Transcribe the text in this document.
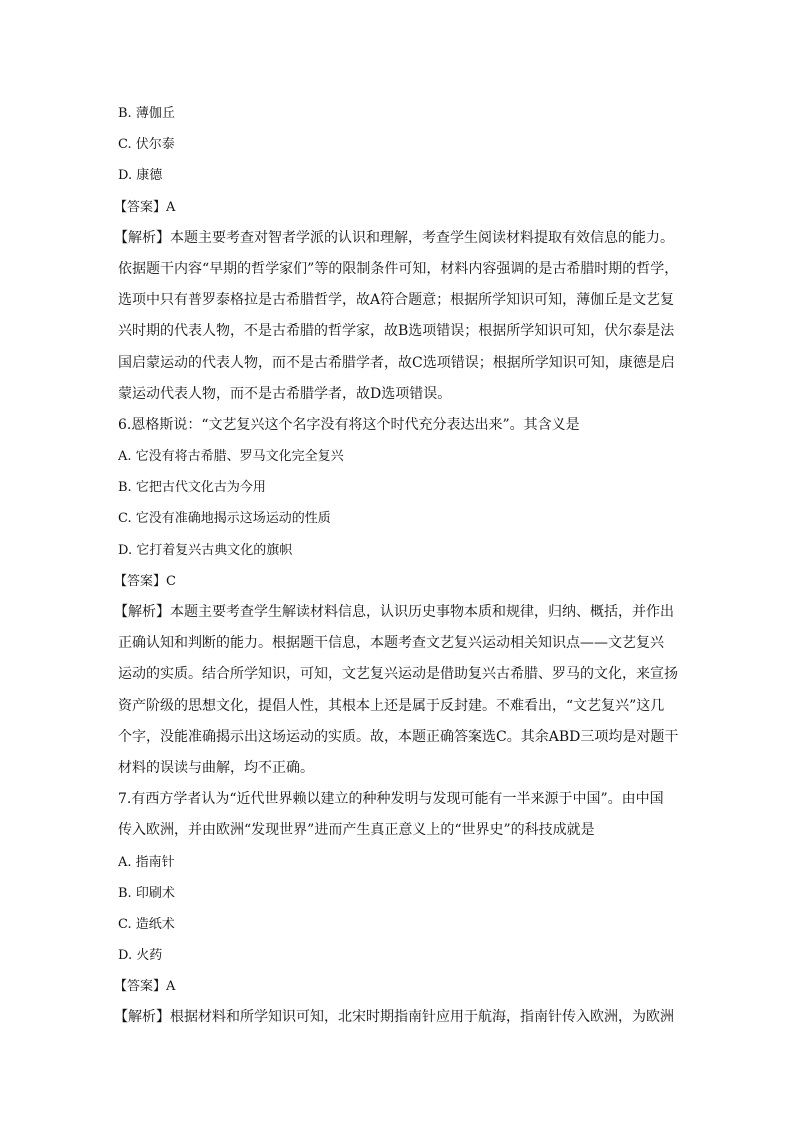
B. 薄伽丘
C. 伏尔泰
D. 康德
【答案】A
【解析】本题主要考查对智者学派的认识和理解，考查学生阅读材料提取有效信息的能力。
依据题干内容“早期的哲学家们”等的限制条件可知，材料内容强调的是古希腊时期的哲学，
选项中只有普罗泰格拉是古希腊哲学，故A符合题意；根据所学知识可知，薄伽丘是文艺复
兴时期的代表人物，不是古希腊的哲学家，故B选项错误；根据所学知识可知，伏尔泰是法
国启蒙运动的代表人物，而不是古希腊学者，故C选项错误；根据所学知识可知，康德是启
蒙运动代表人物，而不是古希腊学者，故D选项错误。
6.恩格斯说：“文艺复兴这个名字没有将这个时代充分表达出来”。其含义是
A. 它没有将古希腊、罗马文化完全复兴
B. 它把古代文化古为今用
C. 它没有准确地揭示这场运动的性质
D. 它打着复兴古典文化的旗帜
【答案】C
【解析】本题主要考查学生解读材料信息，认识历史事物本质和规律，归纳、概括，并作出
正确认知和判断的能力。根据题干信息，本题考查文艺复兴运动相关知识点——文艺复兴
运动的实质。结合所学知识，可知，文艺复兴运动是借助复兴古希腊、罗马的文化，来宣扬
资产阶级的思想文化，提倡人性，其根本上还是属于反封建。不难看出，“文艺复兴”这几
个字，没能准确揭示出这场运动的实质。故，本题正确答案选C。其余ABD三项均是对题干
材料的误读与曲解，均不正确。
7.有西方学者认为“近代世界赖以建立的种种发明与发现可能有一半来源于中国”。由中国
传入欧洲，并由欧洲“发现世界”进而产生真正意义上的“世界史”的科技成就是
A. 指南针
B. 印刷术
C. 造纸术
D. 火药
【答案】A
【解析】根据材料和所学知识可知，北宋时期指南针应用于航海，指南针传入欧洲，为欧洲
